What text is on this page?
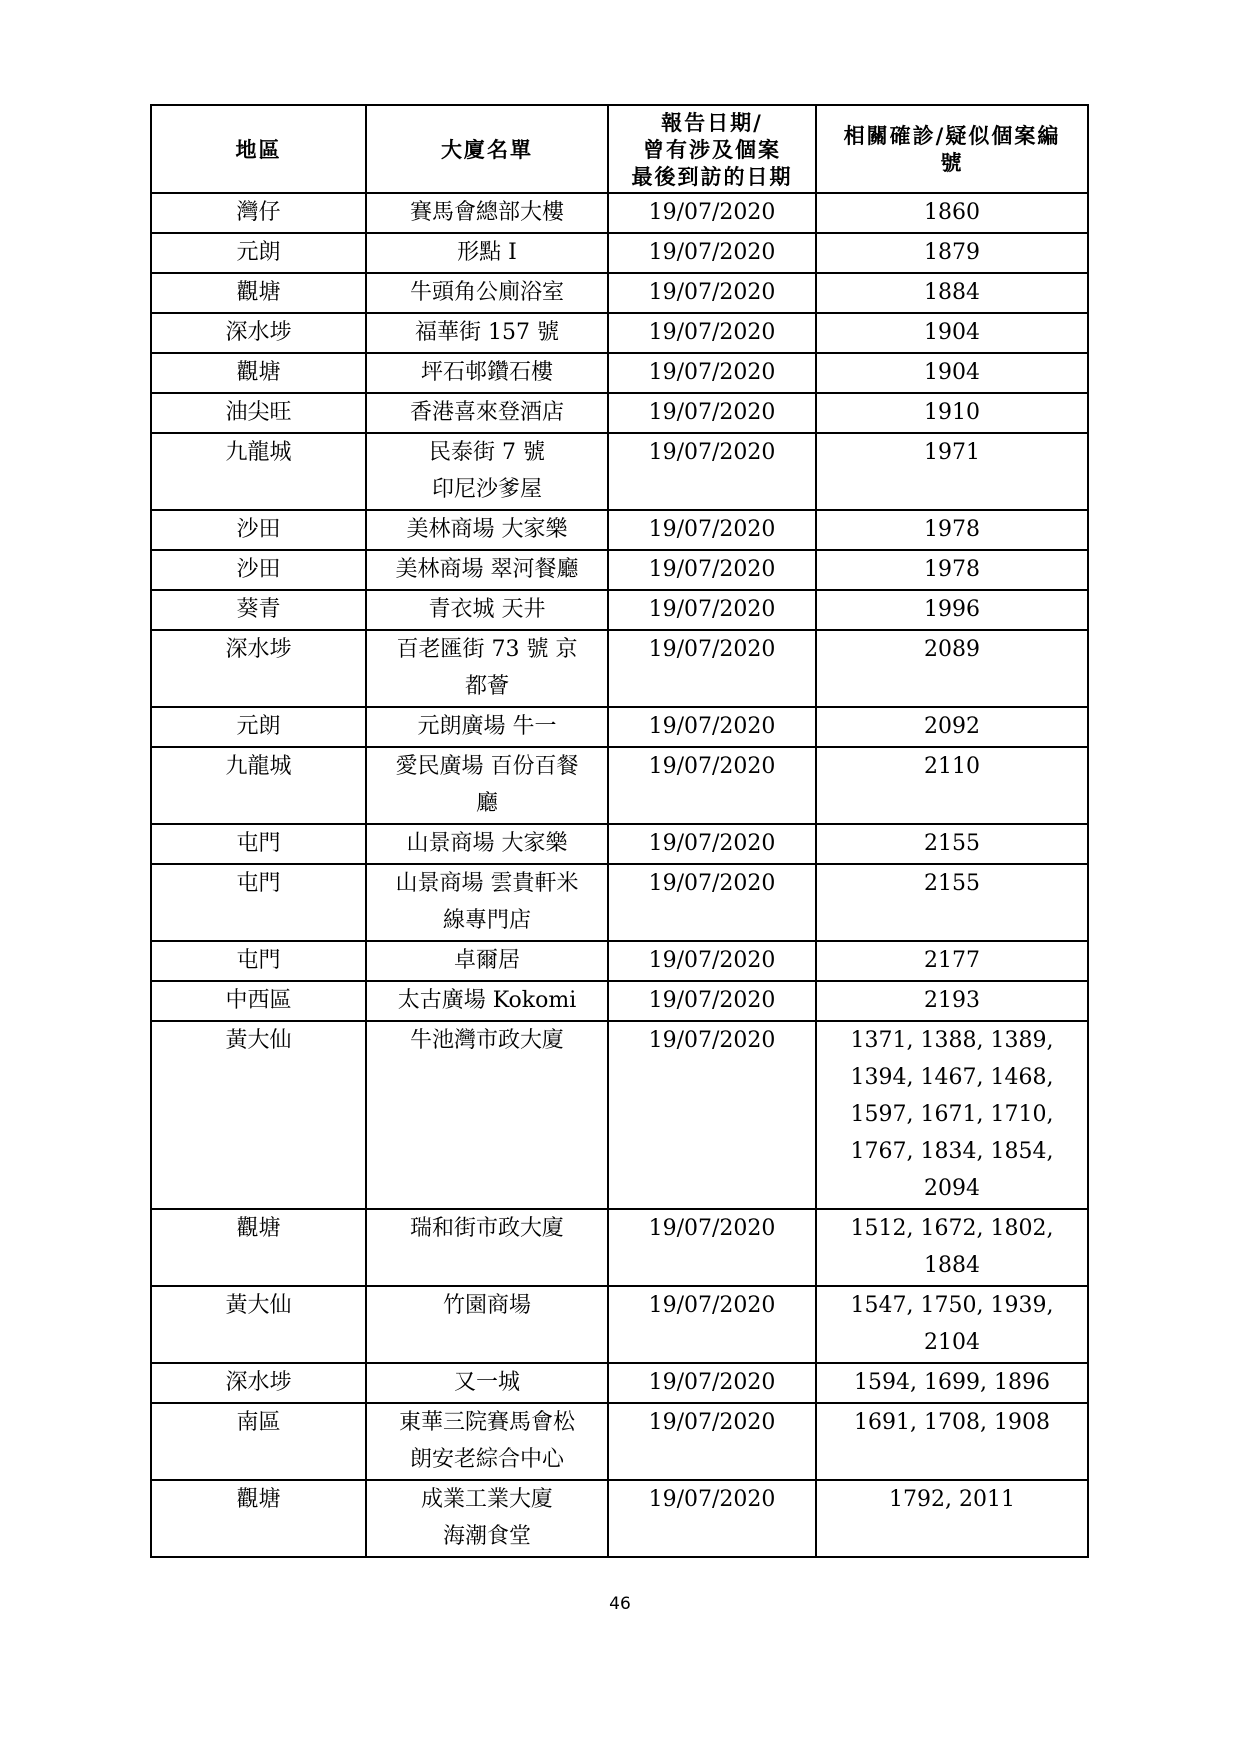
地區	大廈名單	報告日期/
曾有涉及個案
最後到訪的日期	相關確診/疑似個案編
號
灣仔	賽馬會總部大樓	19/07/2020	1860
元朗	形點 I	19/07/2020	1879
觀塘	牛頭角公廁浴室	19/07/2020	1884
深水埗	福華街 157 號	19/07/2020	1904
觀塘	坪石邨鑽石樓	19/07/2020	1904
油尖旺	香港喜來登酒店	19/07/2020	1910
九龍城	民泰街 7 號
印尼沙爹屋	19/07/2020	1971
沙田	美林商場 大家樂	19/07/2020	1978
沙田	美林商場 翠河餐廳	19/07/2020	1978
葵青	青衣城 天井	19/07/2020	1996
深水埗	百老匯街 73 號 京
都薈	19/07/2020	2089
元朗	元朗廣場 牛一	19/07/2020	2092
九龍城	愛民廣場 百份百餐
廳	19/07/2020	2110
屯門	山景商場 大家樂	19/07/2020	2155
屯門	山景商場 雲貴軒米
線專門店	19/07/2020	2155
屯門	卓爾居	19/07/2020	2177
中西區	太古廣場 Kokomi	19/07/2020	2193
黃大仙	牛池灣市政大廈	19/07/2020	1371, 1388, 1389,
1394, 1467, 1468,
1597, 1671, 1710,
1767, 1834, 1854,
2094
觀塘	瑞和街市政大廈	19/07/2020	1512, 1672, 1802,
1884
黃大仙	竹園商場	19/07/2020	1547, 1750, 1939,
2104
深水埗	又一城	19/07/2020	1594, 1699, 1896
南區	東華三院賽馬會松
朗安老綜合中心	19/07/2020	1691, 1708, 1908
觀塘	成業工業大廈
海潮食堂	19/07/2020	1792, 2011
46
